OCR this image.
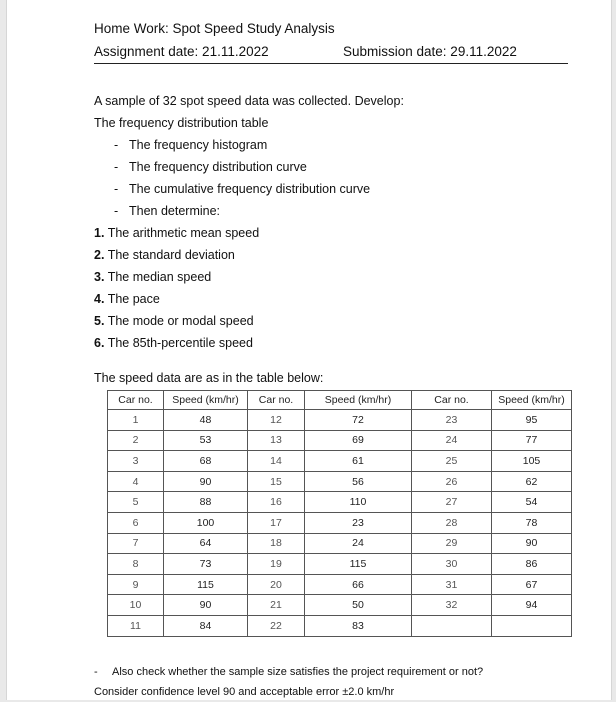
Home Work: Spot Speed Study Analysis
Assignment date: 21.11.2022	Submission date: 29.11.2022
A sample of 32 spot speed data was collected. Develop:
The frequency distribution table
- The frequency histogram
- The frequency distribution curve
- The cumulative frequency distribution curve
- Then determine:
1. The arithmetic mean speed
2. The standard deviation
3. The median speed
4. The pace
5. The mode or modal speed
6. The 85th-percentile speed
The speed data are as in the table below:
Car no.	Speed (km/hr)	Car no.	Speed (km/hr)	Car no.	Speed (km/hr)
1	48	12	72	23	95
2	53	13	69	24	77
3	68	14	61	25	105
4	90	15	56	26	62
5	88	16	110	27	54
6	100	17	23	28	78
7	64	18	24	29	90
8	73	19	115	30	86
9	115	20	66	31	67
10	90	21	50	32	94
11	84	22	83		
- Also check whether the sample size satisfies the project requirement or not?
Consider confidence level 90 and acceptable error ±2.0 km/hr
